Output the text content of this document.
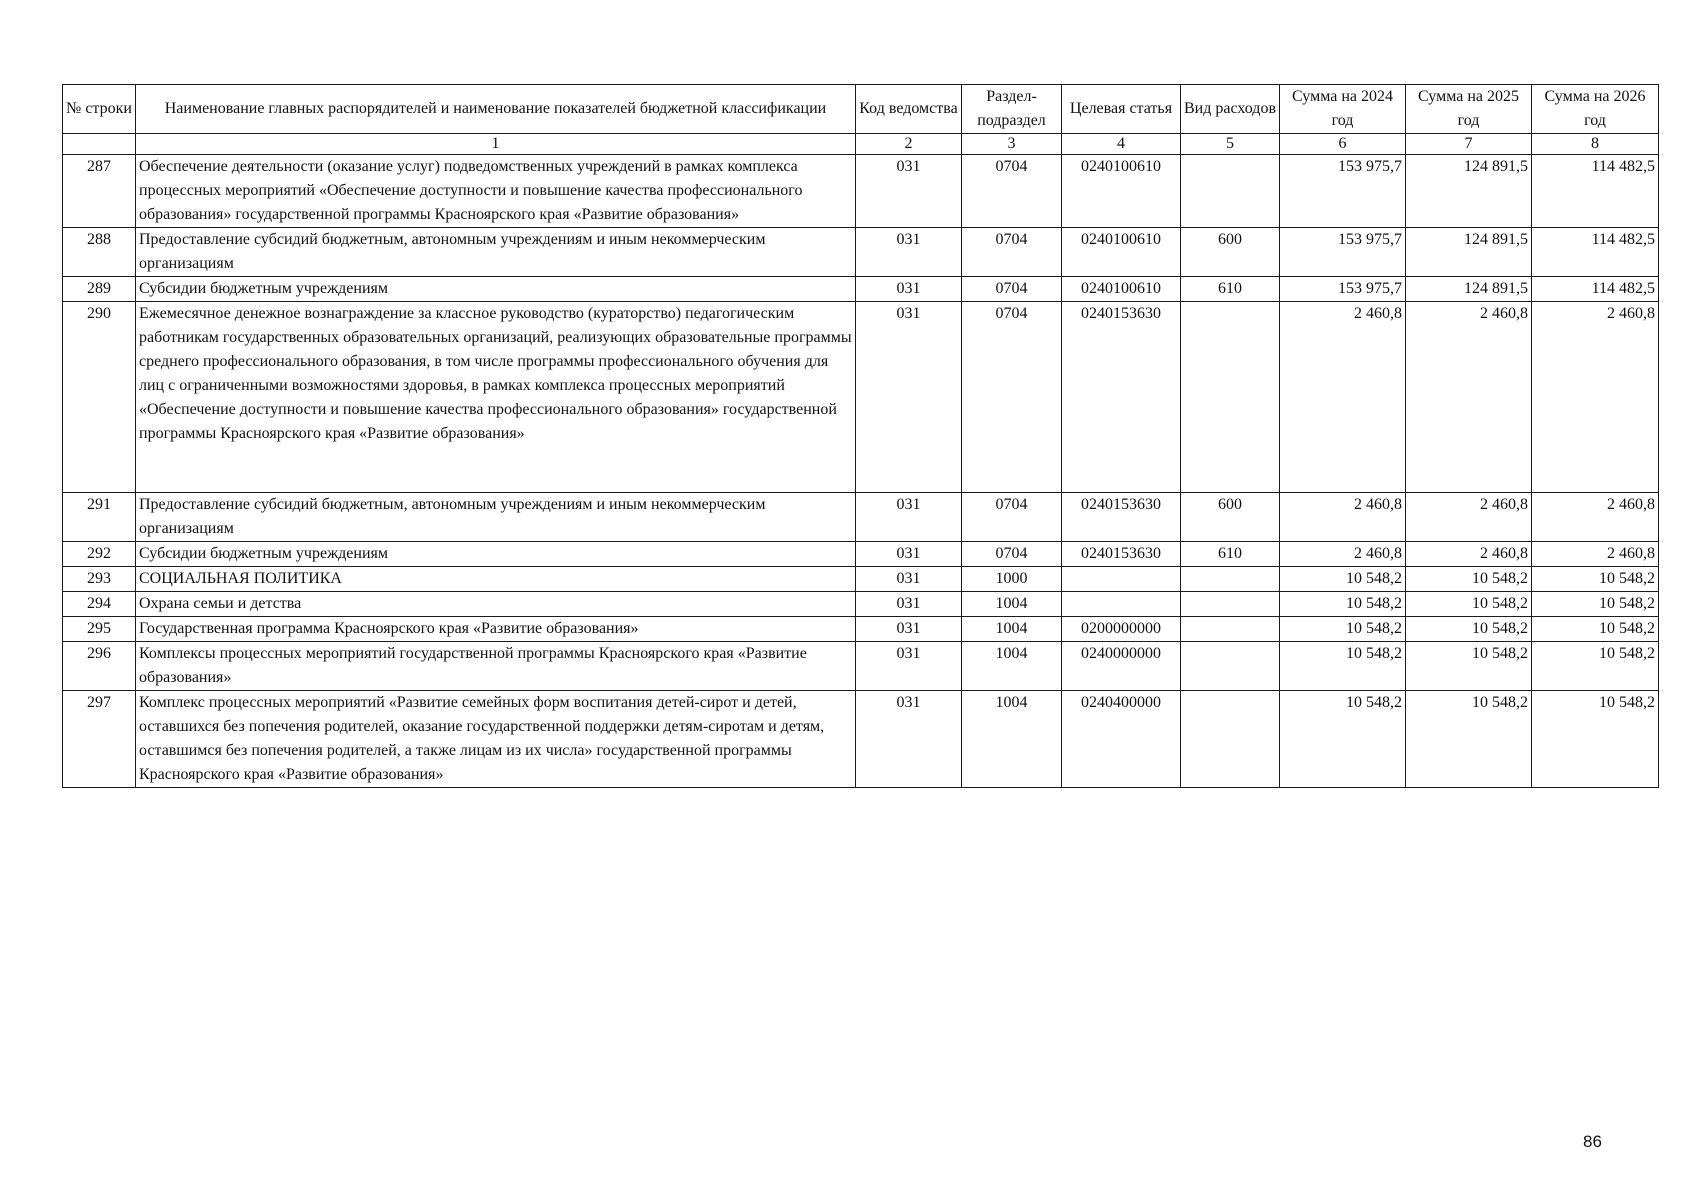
№ строки	Наименование главных распорядителей и наименование показателей бюджетной классификации	Код ведомства	Раздел-подраздел	Целевая статья	Вид расходов	Сумма на 2024 год	Сумма на 2025 год	Сумма на 2026 год
	1	2	3	4	5	6	7	8
287	Обеспечение деятельности (оказание услуг) подведомственных учреждений в рамках комплекса процессных мероприятий «Обеспечение доступности и повышение качества профессионального образования» государственной программы Красноярского края «Развитие образования»	031	0704	0240100610		153 975,7	124 891,5	114 482,5
288	Предоставление субсидий бюджетным, автономным учреждениям и иным некоммерческим организациям	031	0704	0240100610	600	153 975,7	124 891,5	114 482,5
289	Субсидии бюджетным учреждениям	031	0704	0240100610	610	153 975,7	124 891,5	114 482,5
290	Ежемесячное денежное вознаграждение за классное руководство (кураторство) педагогическим работникам государственных образовательных организаций, реализующих образовательные программы среднего профессионального образования, в том числе программы профессионального обучения для лиц с ограниченными возможностями здоровья, в рамках комплекса процессных мероприятий «Обеспечение доступности и повышение качества профессионального образования» государственной программы Красноярского края «Развитие образования»	031	0704	0240153630		2 460,8	2 460,8	2 460,8
291	Предоставление субсидий бюджетным, автономным учреждениям и иным некоммерческим организациям	031	0704	0240153630	600	2 460,8	2 460,8	2 460,8
292	Субсидии бюджетным учреждениям	031	0704	0240153630	610	2 460,8	2 460,8	2 460,8
293	СОЦИАЛЬНАЯ ПОЛИТИКА	031	1000			10 548,2	10 548,2	10 548,2
294	Охрана семьи и детства	031	1004			10 548,2	10 548,2	10 548,2
295	Государственная программа Красноярского края «Развитие образования»	031	1004	0200000000		10 548,2	10 548,2	10 548,2
296	Комплексы процессных мероприятий государственной программы Красноярского края «Развитие образования»	031	1004	0240000000		10 548,2	10 548,2	10 548,2
297	Комплекс процессных мероприятий «Развитие семейных форм воспитания детей-сирот и детей, оставшихся без попечения родителей, оказание государственной поддержки детям-сиротам и детям, оставшимся без попечения родителей, а также лицам из их числа» государственной программы Красноярского края «Развитие образования»	031	1004	0240400000		10 548,2	10 548,2	10 548,2
86
